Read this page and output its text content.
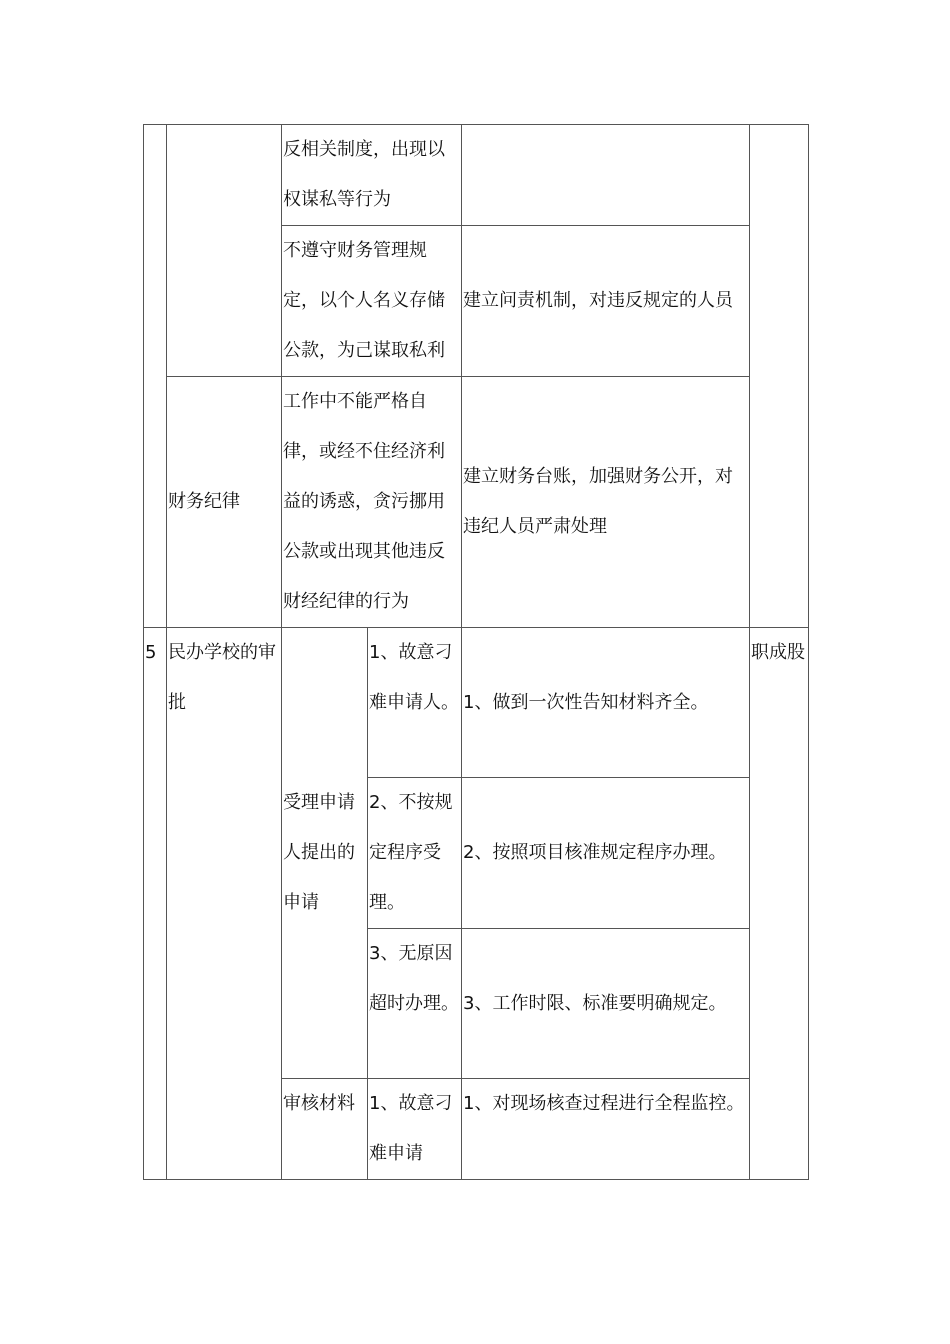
		反相关制度，出现以权谋私等行为			
		不遵守财务管理规定，以个人名义存储公款，为己谋取私利		建立问责机制，对违反规定的人员	
	财务纪律	工作中不能严格自律，或经不住经济利益的诱惑，贪污挪用公款或出现其他违反财经纪律的行为		建立财务台账，加强财务公开，对违纪人员严肃处理	
5	民办学校的审批	受理申请人提出的申请	1、故意刁难申请人。	1、做到一次性告知材料齐全。	职成股
			2、不按规定程序受理。	2、按照项目核准规定程序办理。	
			3、无原因超时办理。	3、工作时限、标准要明确规定。	
		审核材料	1、故意刁难申请	1、对现场核查过程进行全程监控。	
